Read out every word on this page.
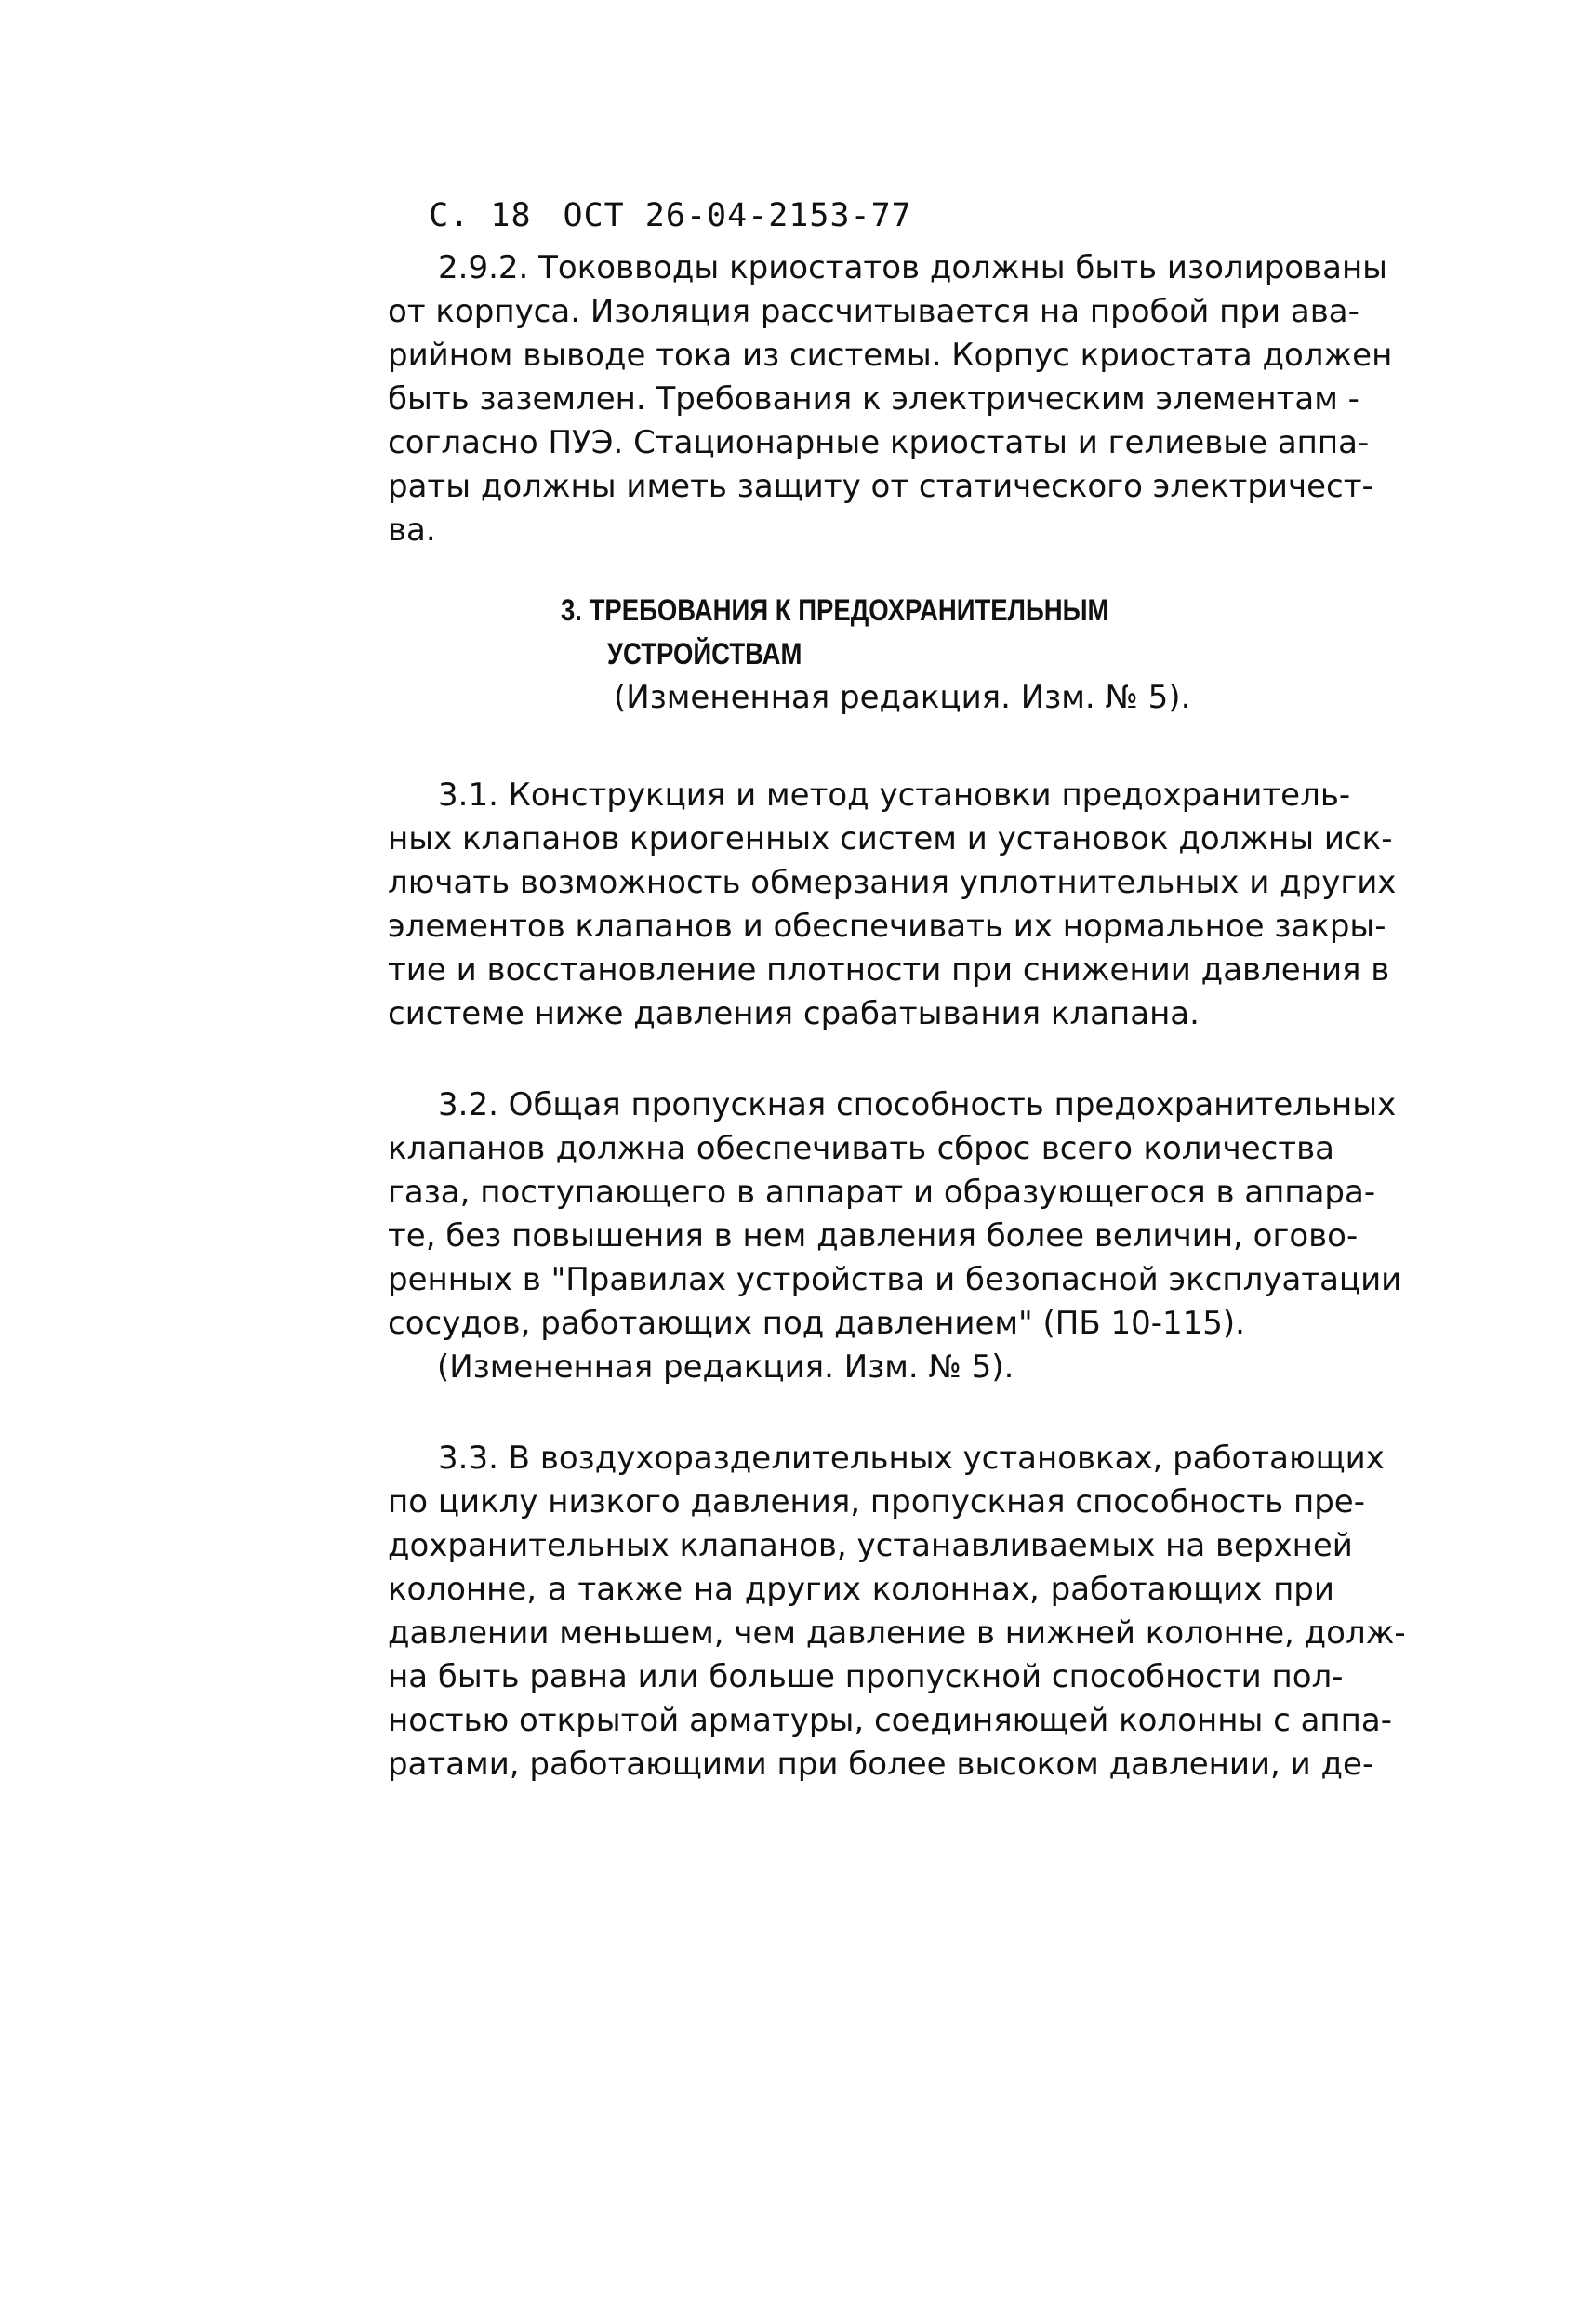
С. 18 ОСТ 26-04-2153-77

2.9.2. Токовводы криостатов должны быть изолированы
от корпуса. Изоляция рассчитывается на пробой при ава-
рийном выводе тока из системы. Корпус криостата должен
быть заземлен. Требования к электрическим элементам -
согласно ПУЭ. Стационарные криостаты и гелиевые аппа-
раты должны иметь защиту от статического электричест-
ва.
3. ТРЕБОВАНИЯ К ПРЕДОХРАНИТЕЛЬНЫМ
УСТРОЙСТВАМ
(Измененная редакция. Изм. № 5).
3.1. Конструкция и метод установки предохранитель-
ных клапанов криогенных систем и установок должны иск-
лючать возможность обмерзания уплотнительных и других
элементов клапанов и обеспечивать их нормальное закры-
тие и восстановление плотности при снижении давления в
системе ниже давления срабатывания клапана.
3.2. Общая пропускная способность предохранительных
клапанов должна обеспечивать сброс всего количества
газа, поступающего в аппарат и образующегося в аппара-
те, без повышения в нем давления более величин, огово-
ренных в "Правилах устройства и безопасной эксплуатации
сосудов, работающих под давлением" (ПБ 10-115).
(Измененная редакция. Изм. № 5).
3.3. В воздухоразделительных установках, работающих
по циклу низкого давления, пропускная способность пре-
дохранительных клапанов, устанавливаемых на верхней
колонне, а также на других колоннах, работающих при
давлении меньшем, чем давление в нижней колонне, долж-
на быть равна или больше пропускной способности пол-
ностью открытой арматуры, соединяющей колонны с аппа-
ратами, работающими при более высоком давлении, и де-
